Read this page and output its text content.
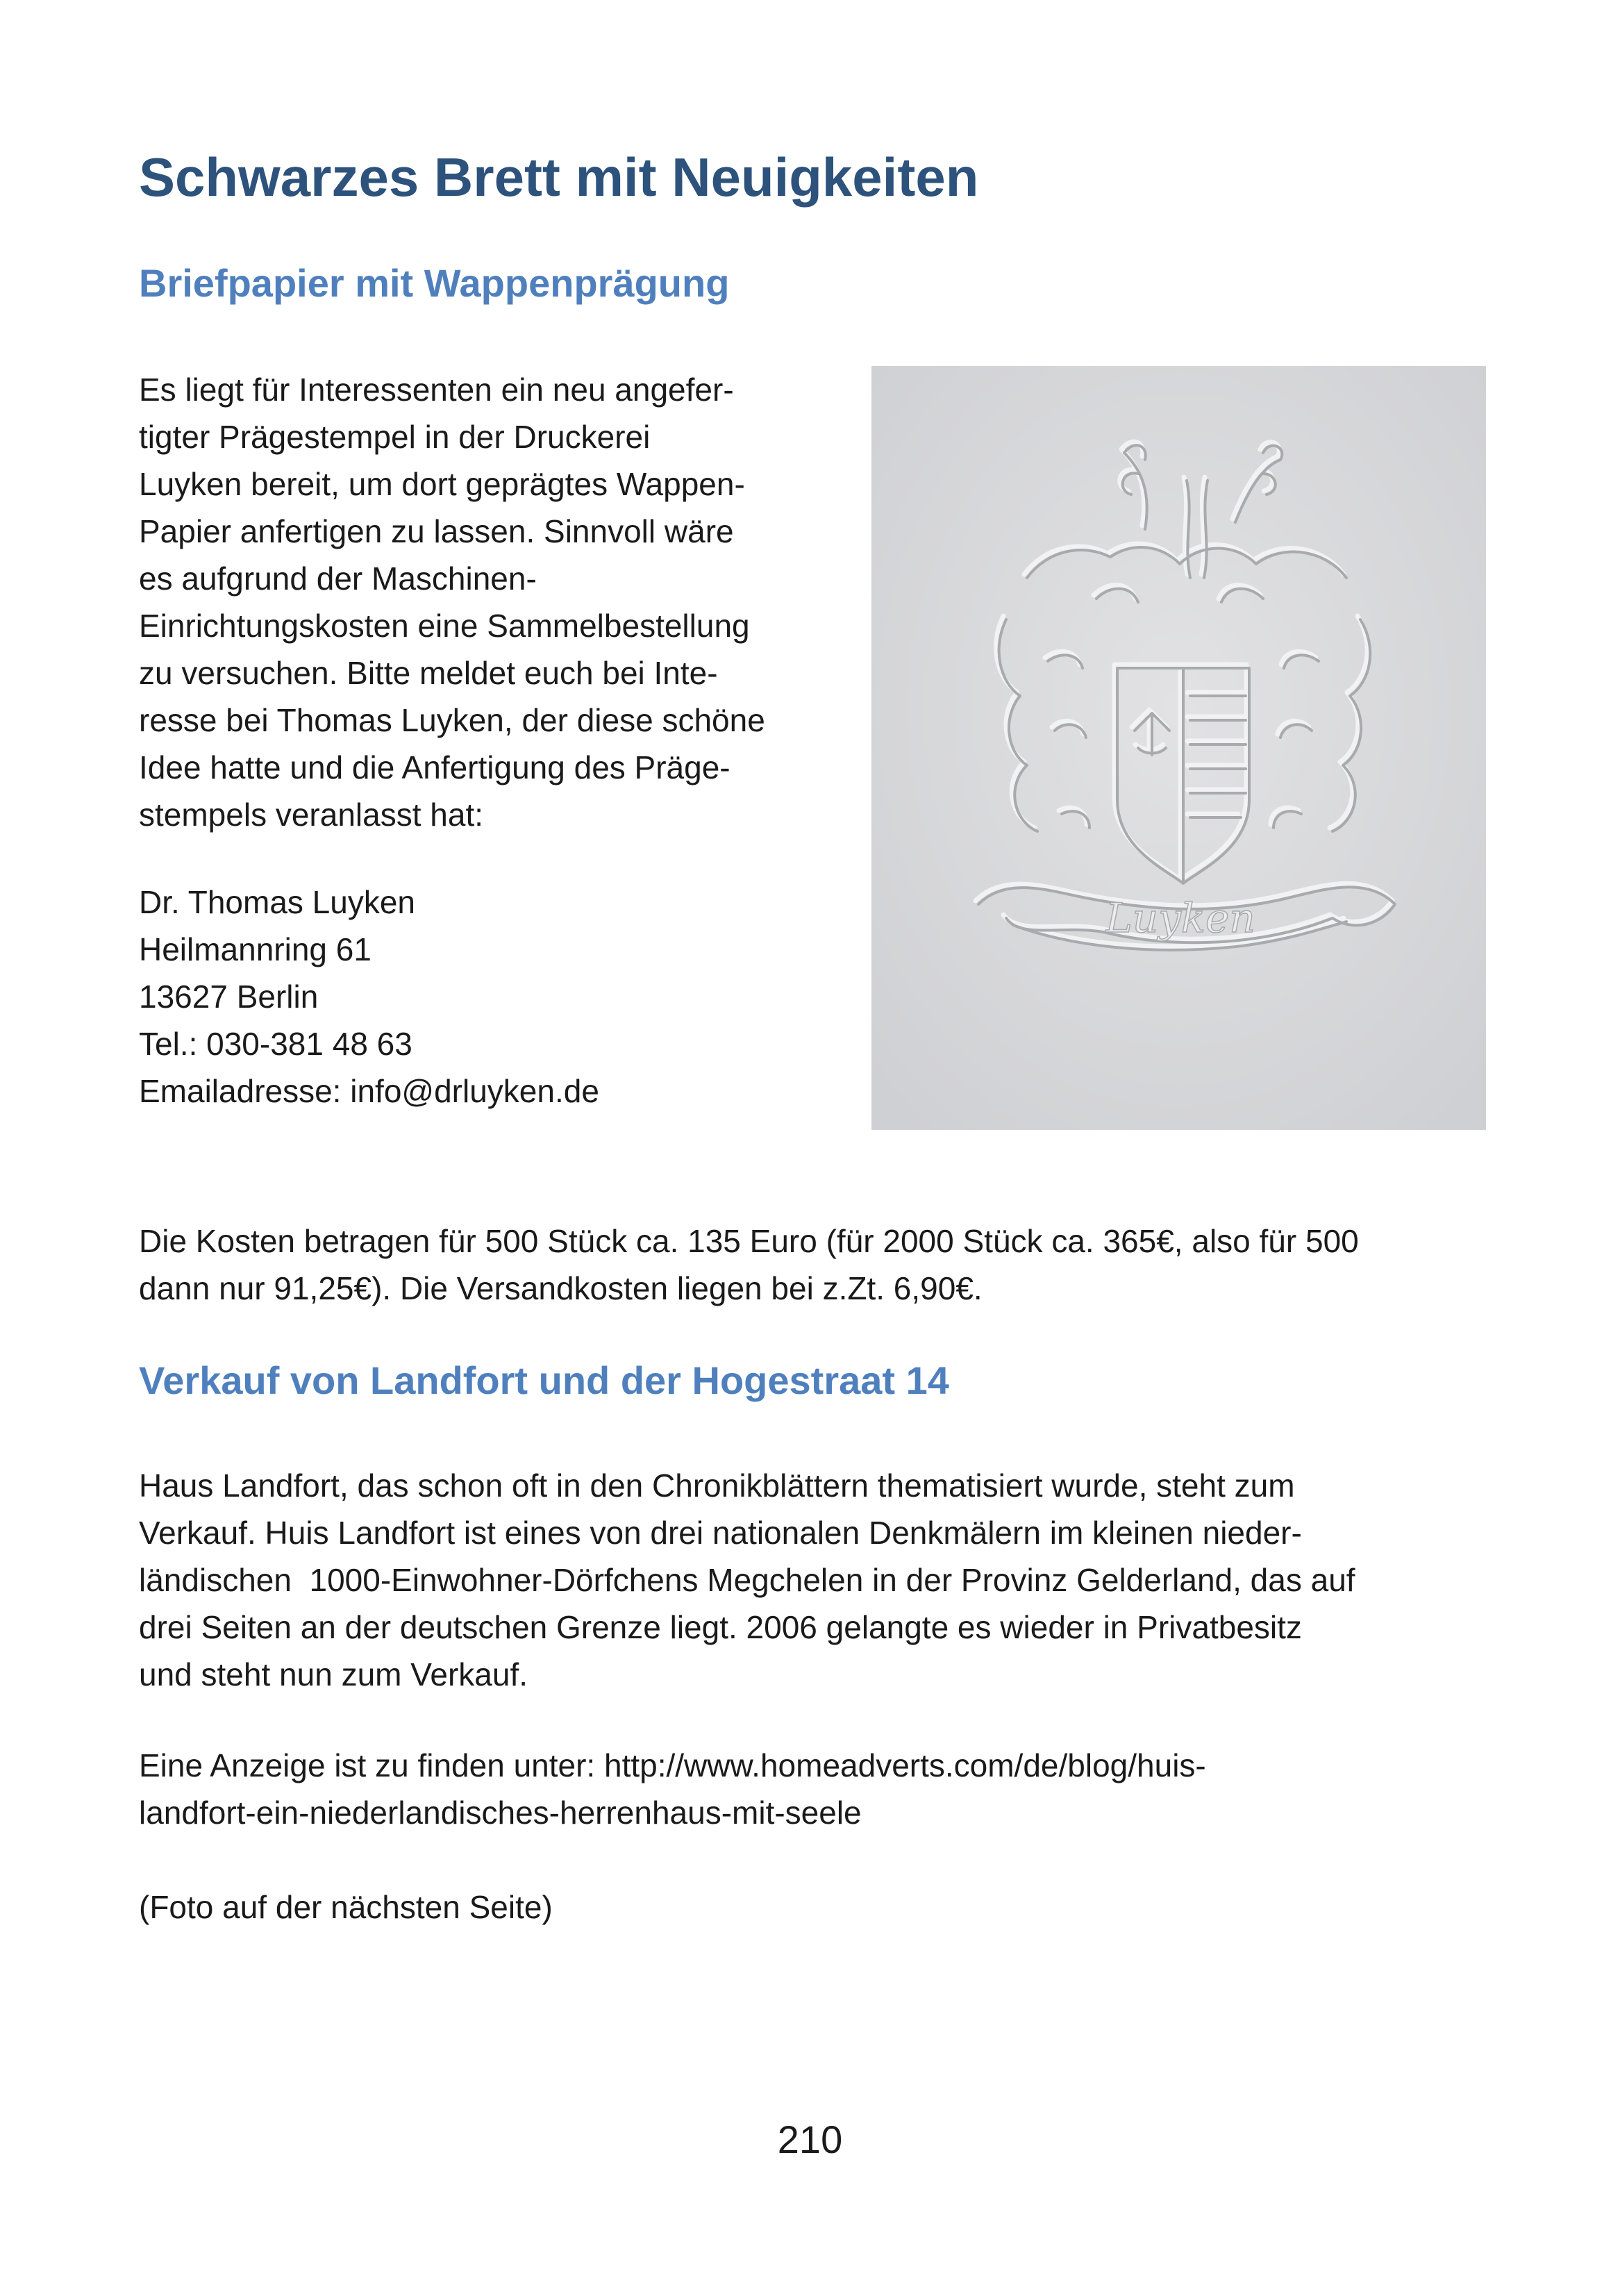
Schwarzes Brett mit Neuigkeiten
Briefpapier mit Wappenprägung
Es liegt für Interessenten ein neu angefer-
tigter Prägestempel in der Druckerei
Luyken bereit, um dort geprägtes Wappen-
Papier anfertigen zu lassen. Sinnvoll wäre
es aufgrund der Maschinen-
Einrichtungskosten eine Sammelbestellung
zu versuchen. Bitte meldet euch bei Inte-
resse bei Thomas Luyken, der diese schöne
Idee hatte und die Anfertigung des Präge-
stempels veranlasst hat:
Dr. Thomas Luyken
Heilmannring 61
13627 Berlin
Tel.: 030-381 48 63
Emailadresse: info@drluyken.de
Luyken
Die Kosten betragen für 500 Stück ca. 135 Euro (für 2000 Stück ca. 365€, also für 500
dann nur 91,25€). Die Versandkosten liegen bei z.Zt. 6,90€.
Verkauf von Landfort und der Hogestraat 14
Haus Landfort, das schon oft in den Chronikblättern thematisiert wurde, steht zum
Verkauf. Huis Landfort ist eines von drei nationalen Denkmälern im kleinen nieder-
ländischen  1000-Einwohner-Dörfchens Megchelen in der Provinz Gelderland, das auf
drei Seiten an der deutschen Grenze liegt. 2006 gelangte es wieder in Privatbesitz
und steht nun zum Verkauf.
Eine Anzeige ist zu finden unter: http://www.homeadverts.com/de/blog/huis-
landfort-ein-niederlandisches-herrenhaus-mit-seele
(Foto auf der nächsten Seite)
210
